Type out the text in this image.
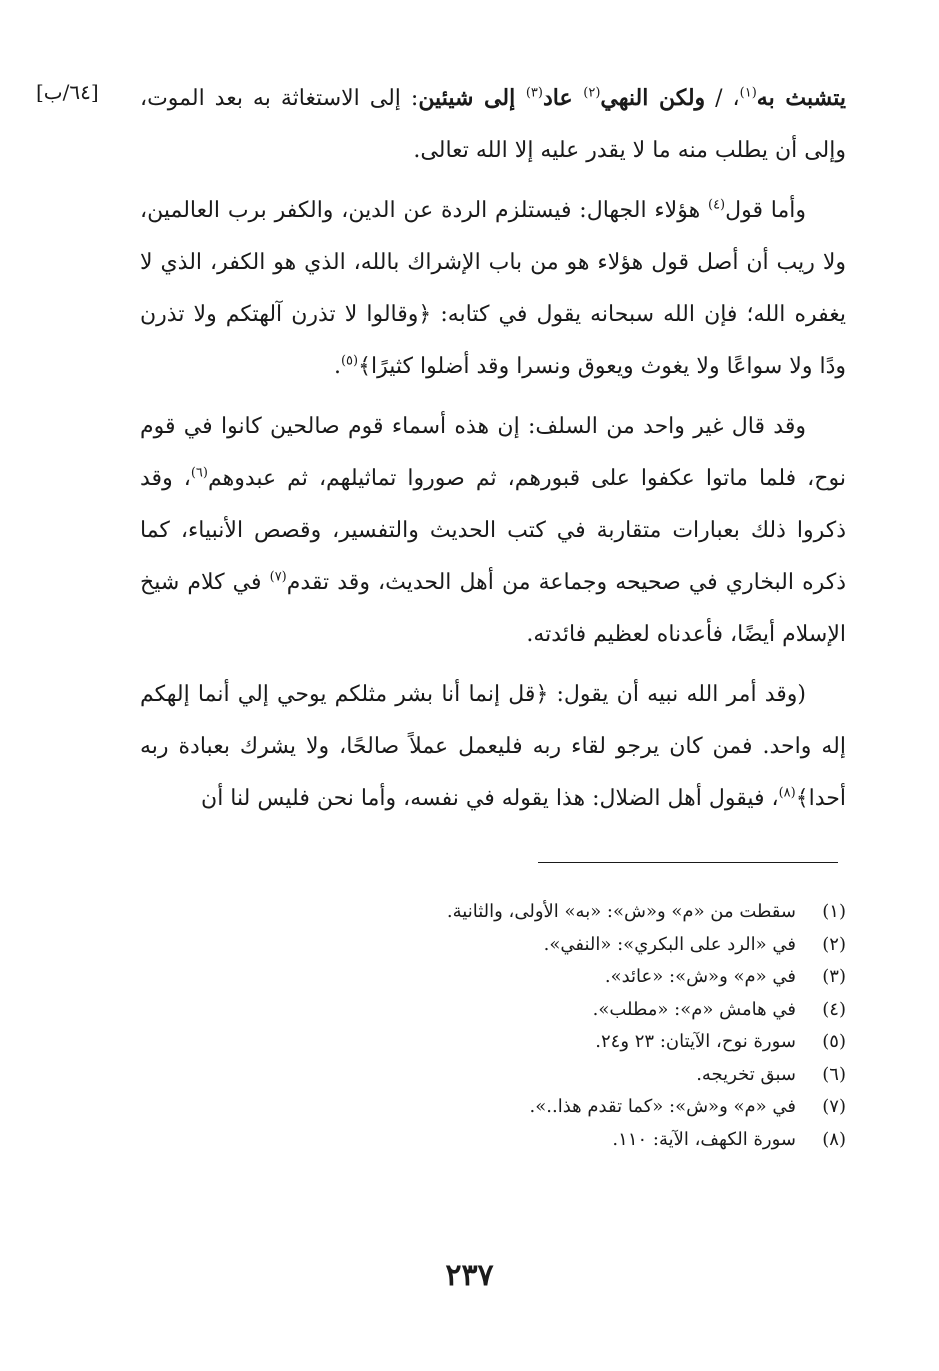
[٦٤/ب]	يتشبث به$^{(١)}$، / ولكن النهي$^{(٢)}$ عاد$^{(٣)}$ إلى شيئين: إلى الاستغاثة به بعد الموت، وإلى أن يطلب منه ما لا يقدر عليه إلا الله تعالى.

وأما قول$^{(٤)}$ هؤلاء الجهال: فيستلزم الردة عن الدين، والكفر برب العالمين، ولا ريب أن أصل قول هؤلاء هو من باب الإشراك بالله، الذي هو الكفر، الذي لا يغفره الله؛ فإن الله سبحانه يقول في كتابه: ﴿وقالوا لا تذرن آلهتكم ولا تذرن ودًا ولا سواعًا ولا يغوث ويعوق ونسرا وقد أضلوا كثيرًا﴾$^{(٥)}$.

وقد قال غير واحد من السلف: إن هذه أسماء قوم صالحين كانوا في قوم نوح، فلما ماتوا عكفوا على قبورهم، ثم صوروا تماثيلهم، ثم عبدوهم$^{(٦)}$، وقد ذكروا ذلك بعبارات متقاربة في كتب الحديث والتفسير، وقصص الأنبياء، كما ذكره البخاري في صحيحه وجماعة من أهل الحديث، وقد تقدم$^{(٧)}$ في كلام شيخ الإسلام أيضًا، فأعدناه لعظيم فائدته.

(وقد أمر الله نبيه أن يقول: ﴿قل إنما أنا بشر مثلكم يوحي إلي أنما إلهكم إله واحد. فمن كان يرجو لقاء ربه فليعمل عملاً صالحًا، ولا يشرك بعبادة ربه أحدا﴾$^{(٨)}$، فيقول أهل الضلال: هذا يقوله في نفسه، وأما نحن فليس لنا أن

(١)
سقطت من «م» و«ش»: «به» الأولى، والثانية.
(٢)
في «الرد على البكري»: «النفي».
(٣)
في «م» و«ش»: «عائد».
(٤)
في هامش «م»: «مطلب».
(٥)
سورة نوح، الآيتان: ٢٣ و٢٤.
(٦)
سبق تخريجه.
(٧)
في «م» و«ش»: «كما تقدم هذا..».
(٨)
سورة الكهف، الآية: ١١٠.
٢٣٧
